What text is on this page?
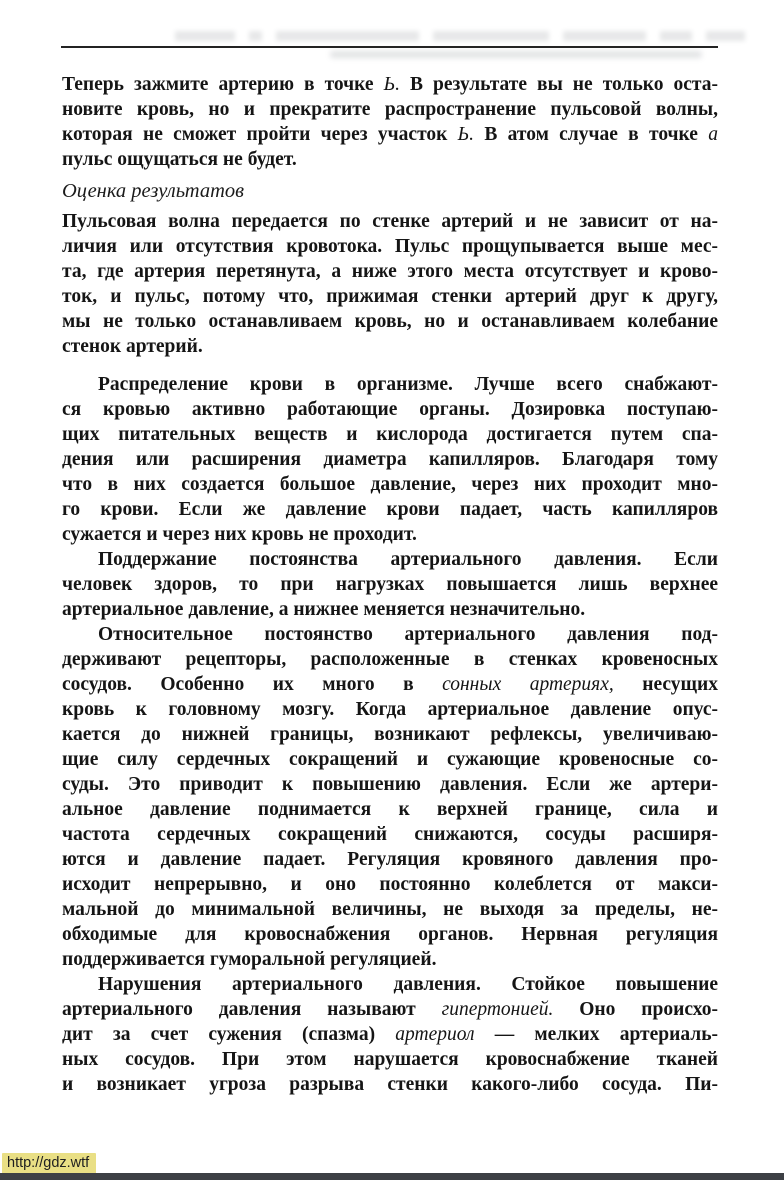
Теперь зажмите артерию в точке Ь. В результате вы не только оста-
новите кровь, но и прекратите распространение пульсовой волны,
которая не сможет пройти через участок Ь. В атом случае в точке а
пульс ощущаться не будет.
Оценка результатов
Пульсовая волна передается по стенке артерий и не зависит от на-
личия или отсутствия кровотока. Пульс прощупывается выше мес-
та, где артерия перетянута, а ниже этого места отсутствует и крово-
ток, и пульс, потому что, прижимая стенки артерий друг к другу,
мы не только останавливаем кровь, но и останавливаем колебание
стенок артерий.
Распределение крови в организме. Лучше всего снабжают-
ся кровью активно работающие органы. Дозировка поступаю-
щих питательных веществ и кислорода достигается путем спа-
дения или расширения диаметра капилляров. Благодаря тому
что в них создается большое давление, через них проходит мно-
го крови. Если же давление крови падает, часть капилляров
сужается и через них кровь не проходит.
Поддержание постоянства артериального давления. Если
человек здоров, то при нагрузках повышается лишь верхнее
артериальное давление, а нижнее меняется незначительно.
Относительное постоянство артериального давления под-
держивают рецепторы, расположенные в стенках кровеносных
сосудов. Особенно их много в сонных артериях, несущих
кровь к головному мозгу. Когда артериальное давление опус-
кается до нижней границы, возникают рефлексы, увеличиваю-
щие силу сердечных сокращений и сужающие кровеносные со-
суды. Это приводит к повышению давления. Если же артери-
альное давление поднимается к верхней границе, сила и
частота сердечных сокращений снижаются, сосуды расширя-
ются и давление падает. Регуляция кровяного давления про-
исходит непрерывно, и оно постоянно колеблется от макси-
мальной до минимальной величины, не выходя за пределы, не-
обходимые для кровоснабжения органов. Нервная регуляция
поддерживается гуморальной регуляцией.
Нарушения артериального давления. Стойкое повышение
артериального давления называют гипертонией. Оно происхо-
дит за счет сужения (спазма) артериол — мелких артериаль-
ных сосудов. При этом нарушается кровоснабжение тканей
и возникает угроза разрыва стенки какого-либо сосуда. Пи-
http://gdz.wtf
